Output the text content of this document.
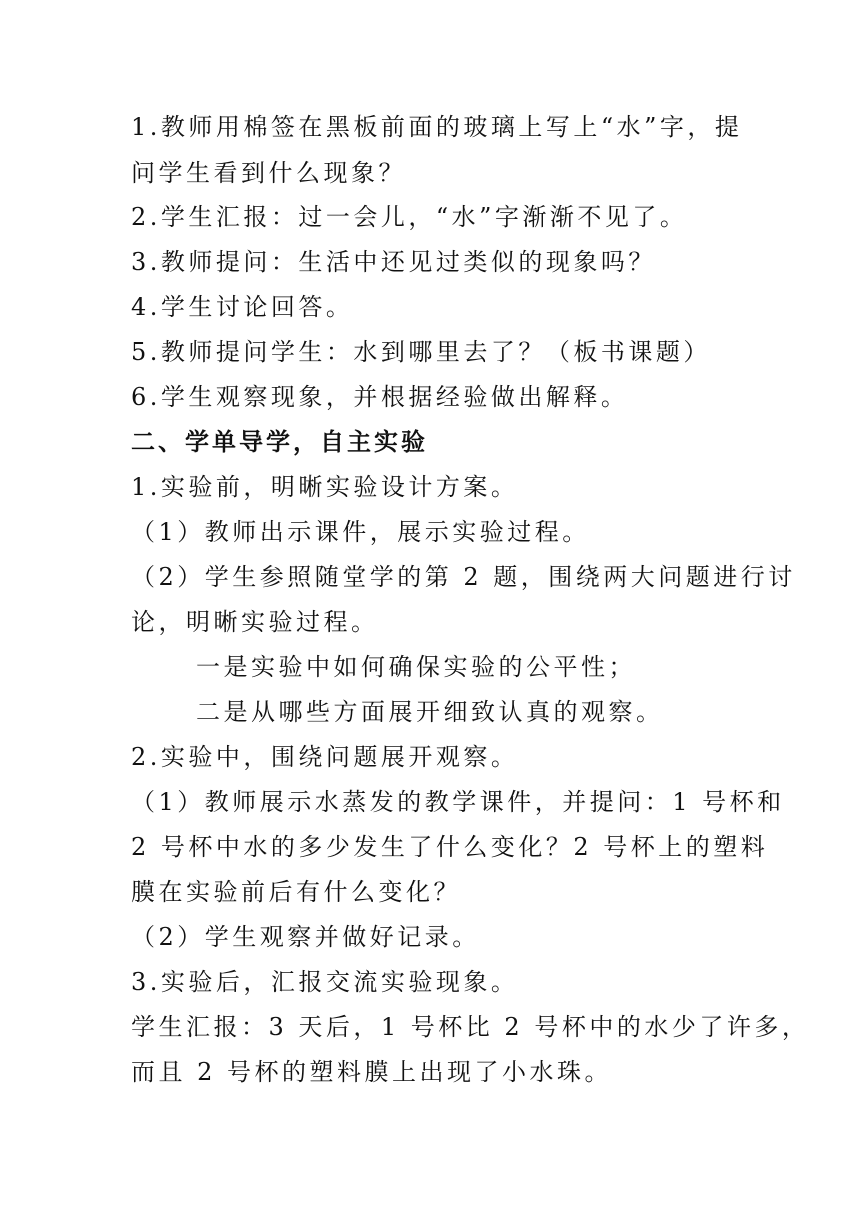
1.教师用棉签在黑板前面的玻璃上写上“水”字，提
问学生看到什么现象？
2.学生汇报：过一会儿，“水”字渐渐不见了。
3.教师提问：生活中还见过类似的现象吗？
4.学生讨论回答。
5.教师提问学生：水到哪里去了？（板书课题）
6.学生观察现象，并根据经验做出解释。
二、学单导学，自主实验
1.实验前，明晰实验设计方案。
（1）教师出示课件，展示实验过程。
（2）学生参照随堂学的第 2 题，围绕两大问题进行讨
论，明晰实验过程。
一是实验中如何确保实验的公平性；
二是从哪些方面展开细致认真的观察。
2.实验中，围绕问题展开观察。
（1）教师展示水蒸发的教学课件，并提问：1 号杯和
2 号杯中水的多少发生了什么变化？2 号杯上的塑料
膜在实验前后有什么变化？
（2）学生观察并做好记录。
3.实验后，汇报交流实验现象。
学生汇报：3 天后，1 号杯比 2 号杯中的水少了许多，
而且 2 号杯的塑料膜上出现了小水珠。
